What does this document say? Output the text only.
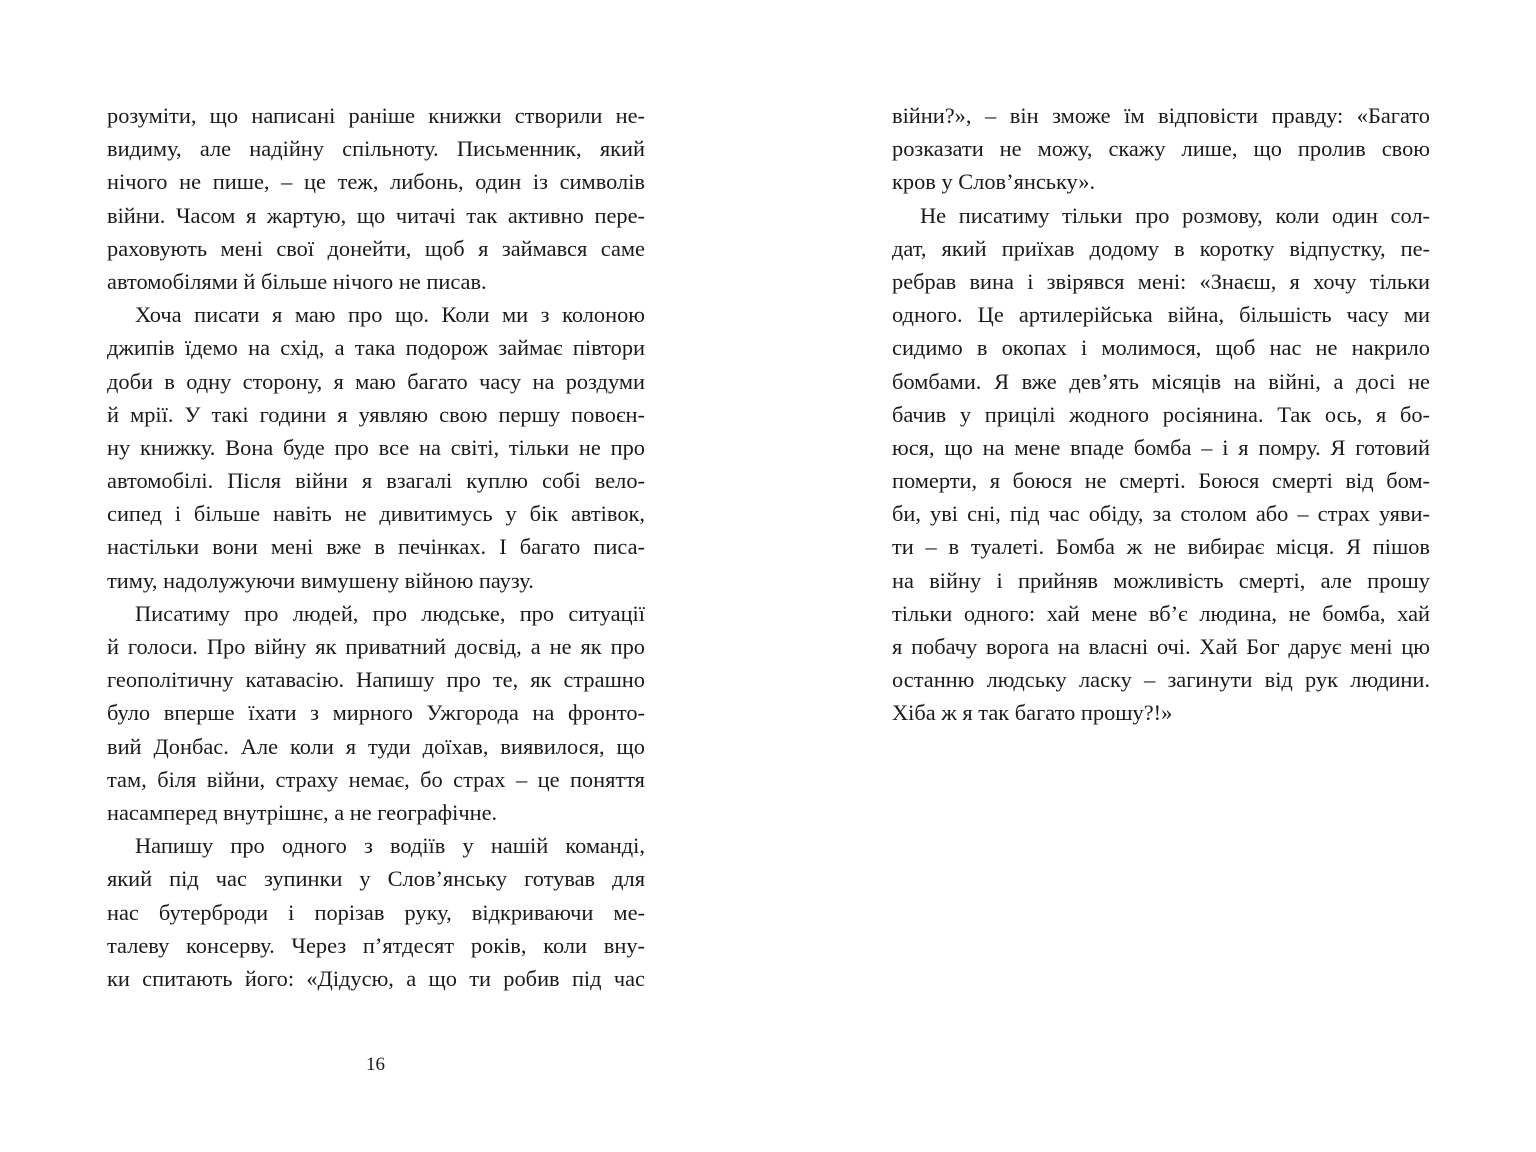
розуміти, що написані раніше книжки створили не-
видиму, але надійну спільноту. Письменник, який
нічого не пише, – це теж, либонь, один із символів
війни. Часом я жартую, що читачі так активно пере-
раховують мені свої донейти, щоб я займався саме
автомобілями й більше нічого не писав.
Хоча писати я маю про що. Коли ми з колоною
джипів їдемо на схід, а така подорож займає півтори
доби в одну сторону, я маю багато часу на роздуми
й мрії. У такі години я уявляю свою першу повоєн-
ну книжку. Вона буде про все на світі, тільки не про
автомобілі. Після війни я взагалі куплю собі вело-
сипед і більше навіть не дивитимусь у бік автівок,
настільки вони мені вже в печінках. І багато писа-
тиму, надолужуючи вимушену війною паузу.
Писатиму про людей, про людське, про ситуації
й голоси. Про війну як приватний досвід, а не як про
геополітичну катавасію. Напишу про те, як страшно
було вперше їхати з мирного Ужгорода на фронто-
вий Донбас. Але коли я туди доїхав, виявилося, що
там, біля війни, страху немає, бо страх – це поняття
насамперед внутрішнє, а не географічне.
Напишу про одного з водіїв у нашій команді,
який під час зупинки у Слов’янську готував для
нас бутерброди і порізав руку, відкриваючи ме-
талеву консерву. Через п’ятдесят років, коли вну-
ки спитають його: «Дідусю, а що ти робив під час
16
війни?», – він зможе їм відповісти правду: «Багато
розказати не можу, скажу лише, що пролив свою
кров у Слов’янську».
Не писатиму тільки про розмову, коли один сол-
дат, який приїхав додому в коротку відпустку, пе-
ребрав вина і звірявся мені: «Знаєш, я хочу тільки
одного. Це артилерійська війна, більшість часу ми
сидимо в окопах і молимося, щоб нас не накрило
бомбами. Я вже дев’ять місяців на війні, а досі не
бачив у прицілі жодного росіянина. Так ось, я бо-
юся, що на мене впаде бомба – і я помру. Я готовий
померти, я боюся не смерті. Боюся смерті від бом-
би, уві сні, під час обіду, за столом або – страх уяви-
ти – в туалеті. Бомба ж не вибирає місця. Я пішов
на війну і прийняв можливість смерті, але прошу
тільки одного: хай мене вб’є людина, не бомба, хай
я побачу ворога на власні очі. Хай Бог дарує мені цю
останню людську ласку – загинути від рук людини.
Хіба ж я так багато прошу?!»
